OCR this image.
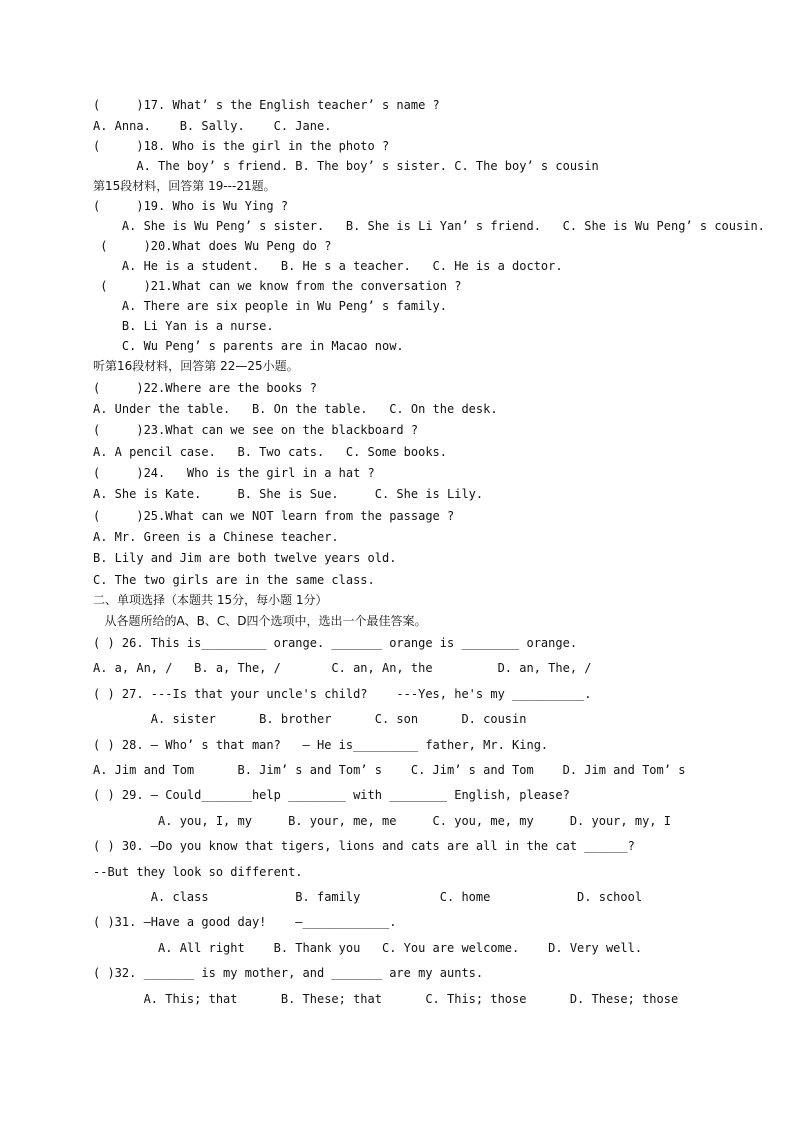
(     )17. What’ s the English teacher’ s name ?
A. Anna.    B. Sally.    C. Jane.
(     )18. Who is the girl in the photo ?
A. The boy’ s friend. B. The boy’ s sister. C. The boy’ s cousin
第15段材料，回答第 19---21题。
(     )19. Who is Wu Ying ?
A. She is Wu Peng’ s sister.   B. She is Li Yan’ s friend.   C. She is Wu Peng’ s cousin.
(     )20.What does Wu Peng do ?
A. He is a student.   B. He s a teacher.   C. He is a doctor.
(     )21.What can we know from the conversation ?
A. There are six people in Wu Peng’ s family.
B. Li Yan is a nurse.
C. Wu Peng’ s parents are in Macao now.
听第16段材料，回答第 22—25小题。
(     )22.Where are the books ?
A. Under the table.   B. On the table.   C. On the desk.
(     )23.What can we see on the blackboard ?
A. A pencil case.   B. Two cats.   C. Some books.
(     )24.   Who is the girl in a hat ?
A. She is Kate.     B. She is Sue.     C. She is Lily.
(     )25.What can we NOT learn from the passage ?
A. Mr. Green is a Chinese teacher.
B. Lily and Jim are both twelve years old.
C. The two girls are in the same class.
二、单项选择（本题共 15分，每小题 1分）
从各题所给的A、B、C、D四个选项中，选出一个最佳答案。
( ) 26. This is_________ orange. _______ orange is ________ orange.
A. a, An, /   B. a, The, /       C. an, An, the         D. an, The, /
( ) 27. ---Is that your uncle's child?    ---Yes, he's my __________.
A. sister      B. brother      C. son      D. cousin
( ) 28. — Who’ s that man?   — He is_________ father, Mr. King.
A. Jim and Tom      B. Jim’ s and Tom’ s    C. Jim’ s and Tom    D. Jim and Tom’ s
( ) 29. — Could_______help ________ with ________ English, please?
A. you, I, my     B. your, me, me     C. you, me, my     D. your, my, I
( ) 30. —Do you know that tigers, lions and cats are all in the cat ______?
--But they look so different.
A. class            B. family           C. home            D. school
( )31. —Have a good day!    —____________.
A. All right    B. Thank you   C. You are welcome.    D. Very well.
( )32. _______ is my mother, and _______ are my aunts.
A. This; that      B. These; that      C. This; those      D. These; those
